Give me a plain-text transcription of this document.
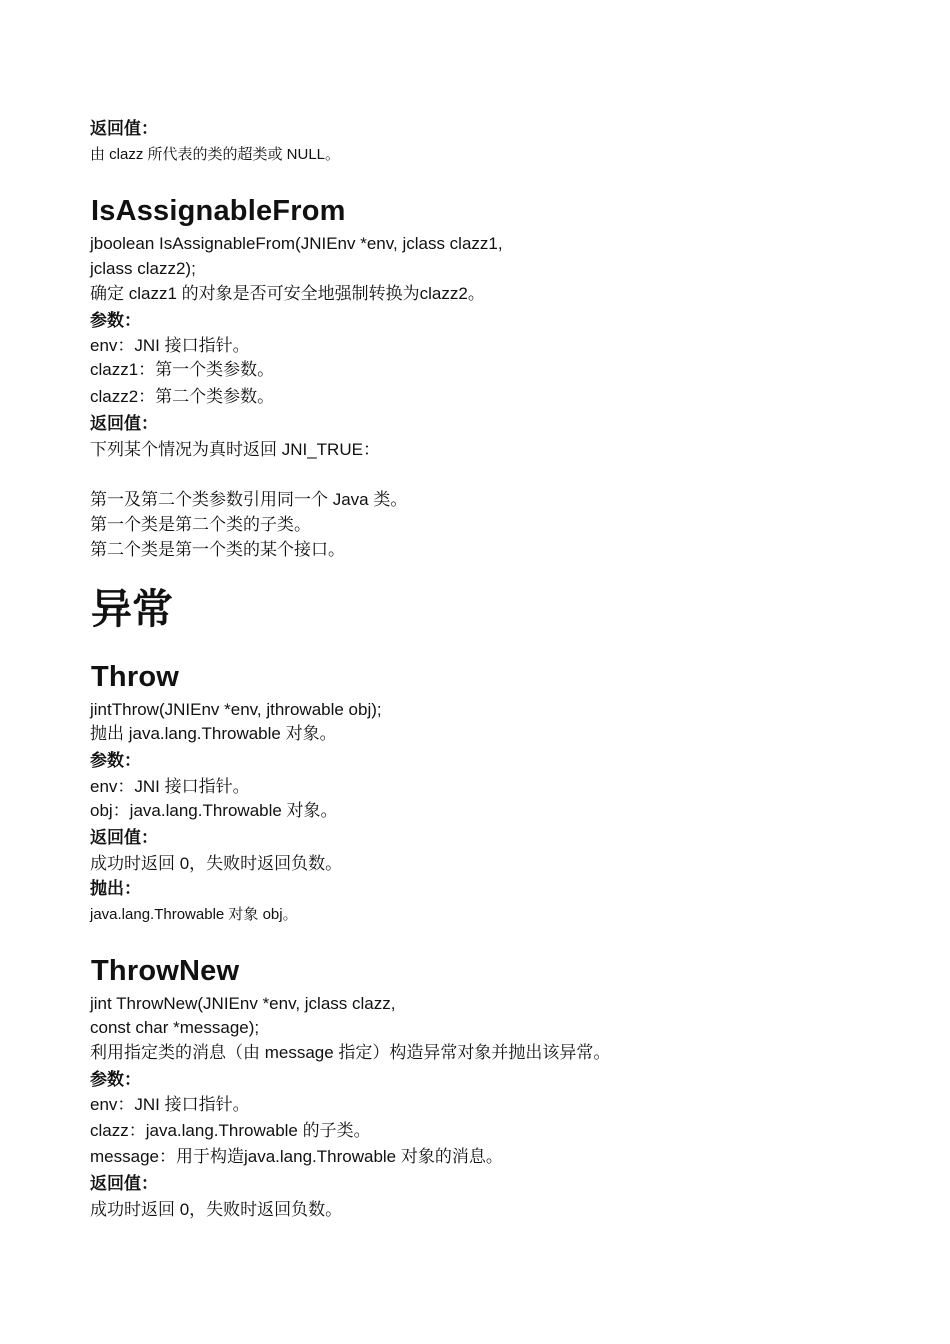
返回值：
由 clazz 所代表的类的超类或 NULL。
IsAssignableFrom
jboolean IsAssignableFrom(JNIEnv *env, jclass clazz1,
jclass clazz2);
确定 clazz1 的对象是否可安全地强制转换为clazz2。
参数：
env：JNI 接口指针。
clazz1：第一个类参数。
clazz2：第二个类参数。
返回值：
下列某个情况为真时返回 JNI_TRUE：
第一及第二个类参数引用同一个 Java 类。
第一个类是第二个类的子类。
第二个类是第一个类的某个接口。
异常
Throw
jintThrow(JNIEnv *env, jthrowable obj);
抛出 java.lang.Throwable 对象。
参数：
env：JNI 接口指针。
obj：java.lang.Throwable 对象。
返回值：
成功时返回 0，失败时返回负数。
抛出：
java.lang.Throwable 对象 obj。
ThrowNew
jint ThrowNew(JNIEnv *env, jclass clazz,
const char *message);
利用指定类的消息（由 message 指定）构造异常对象并抛出该异常。
参数：
env：JNI 接口指针。
clazz：java.lang.Throwable 的子类。
message：用于构造java.lang.Throwable 对象的消息。
返回值：
成功时返回 0，失败时返回负数。
